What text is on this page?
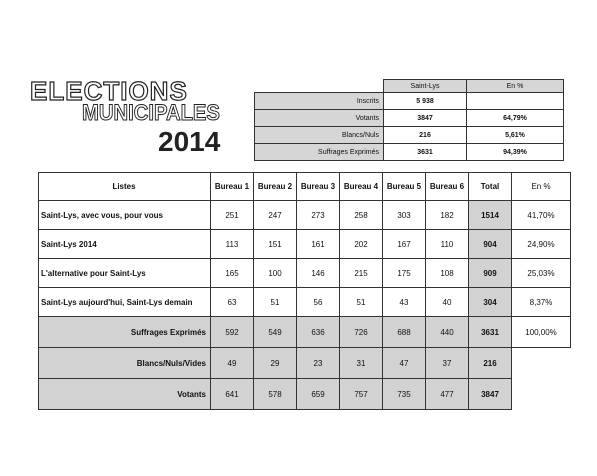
ELECTIONS
MUNICIPALES
2014
	Saint-Lys	En %
Inscrits	5 938	
Votants	3847	64,79%
Blancs/Nuls	216	5,61%
Suffrages Exprimés	3631	94,39%
Listes	Bureau 1	Bureau 2	Bureau 3	Bureau 4	Bureau 5	Bureau 6	Total	En %
Saint-Lys, avec vous, pour vous	251	247	273	258	303	182	1514	41,70%
Saint-Lys 2014	113	151	161	202	167	110	904	24,90%
L'alternative pour Saint-Lys	165	100	146	215	175	108	909	25,03%
Saint-Lys aujourd'hui, Saint-Lys demain	63	51	56	51	43	40	304	8,37%
Suffrages Exprimés	592	549	636	726	688	440	3631	100,00%
Blancs/Nuls/Vides	49	29	23	31	47	37	216	
Votants	641	578	659	757	735	477	3847	
